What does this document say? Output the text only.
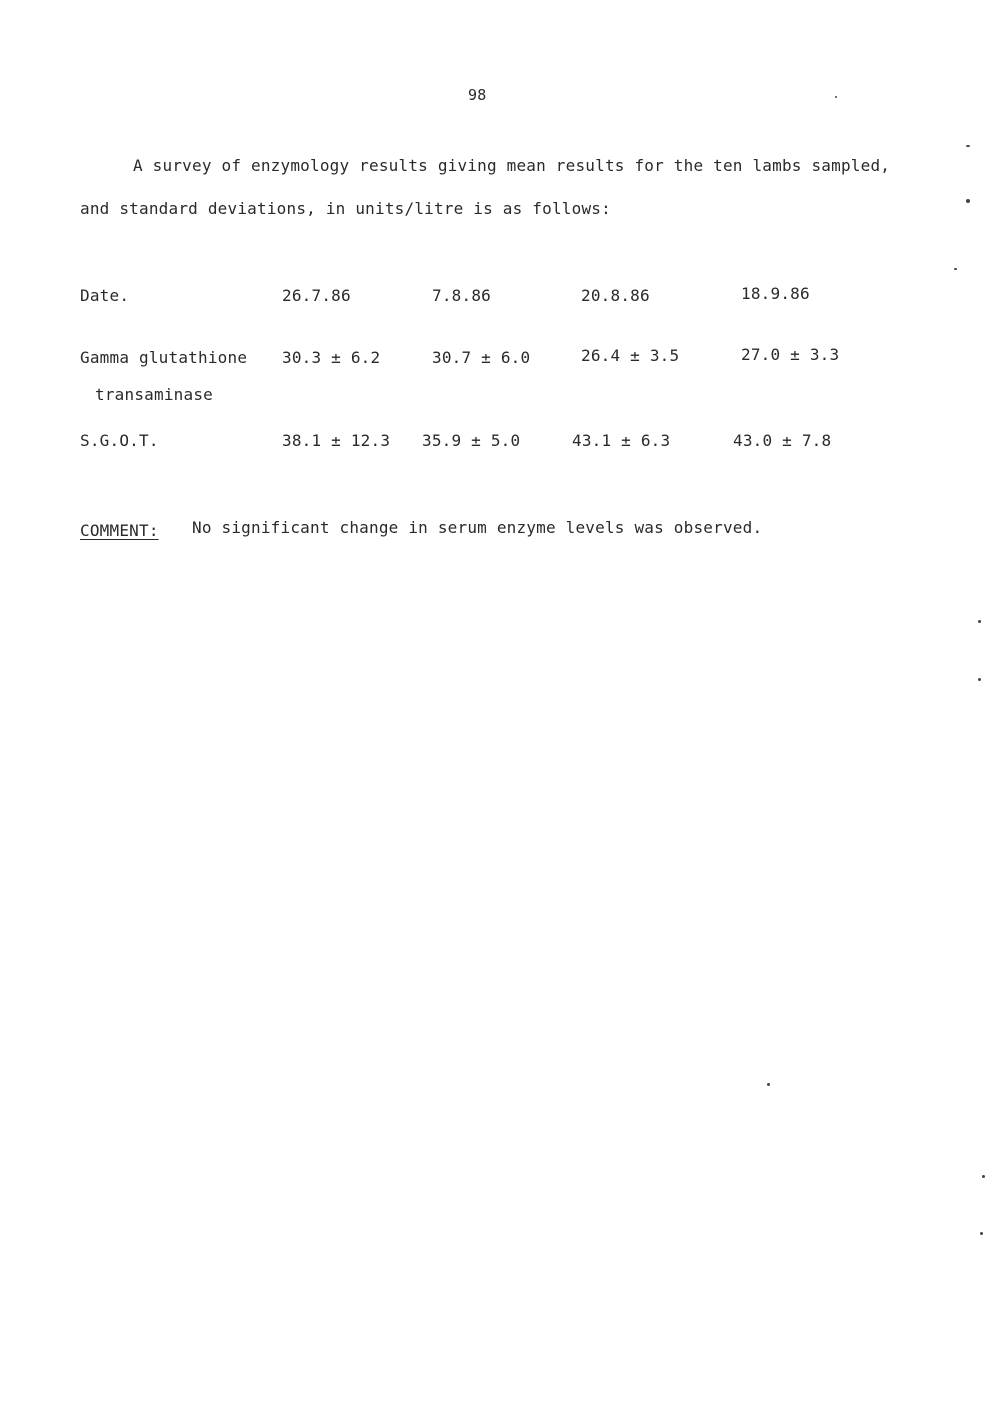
98
A survey of enzymology results giving mean results for the ten lambs sampled,
and standard deviations, in units/litre is as follows:
Date.	26.7.86	7.8.86	20.8.86	18.9.86
Gamma glutathione
transaminase
30.3 ± 6.2	30.7 ± 6.0	26.4 ± 3.5	27.0 ± 3.3
S.G.O.T.	38.1 ± 12.3 35.9 ± 5.0	43.1 ± 6.3	43.0 ± 7.8
COMMENT: No significant change in serum enzyme levels was observed.
